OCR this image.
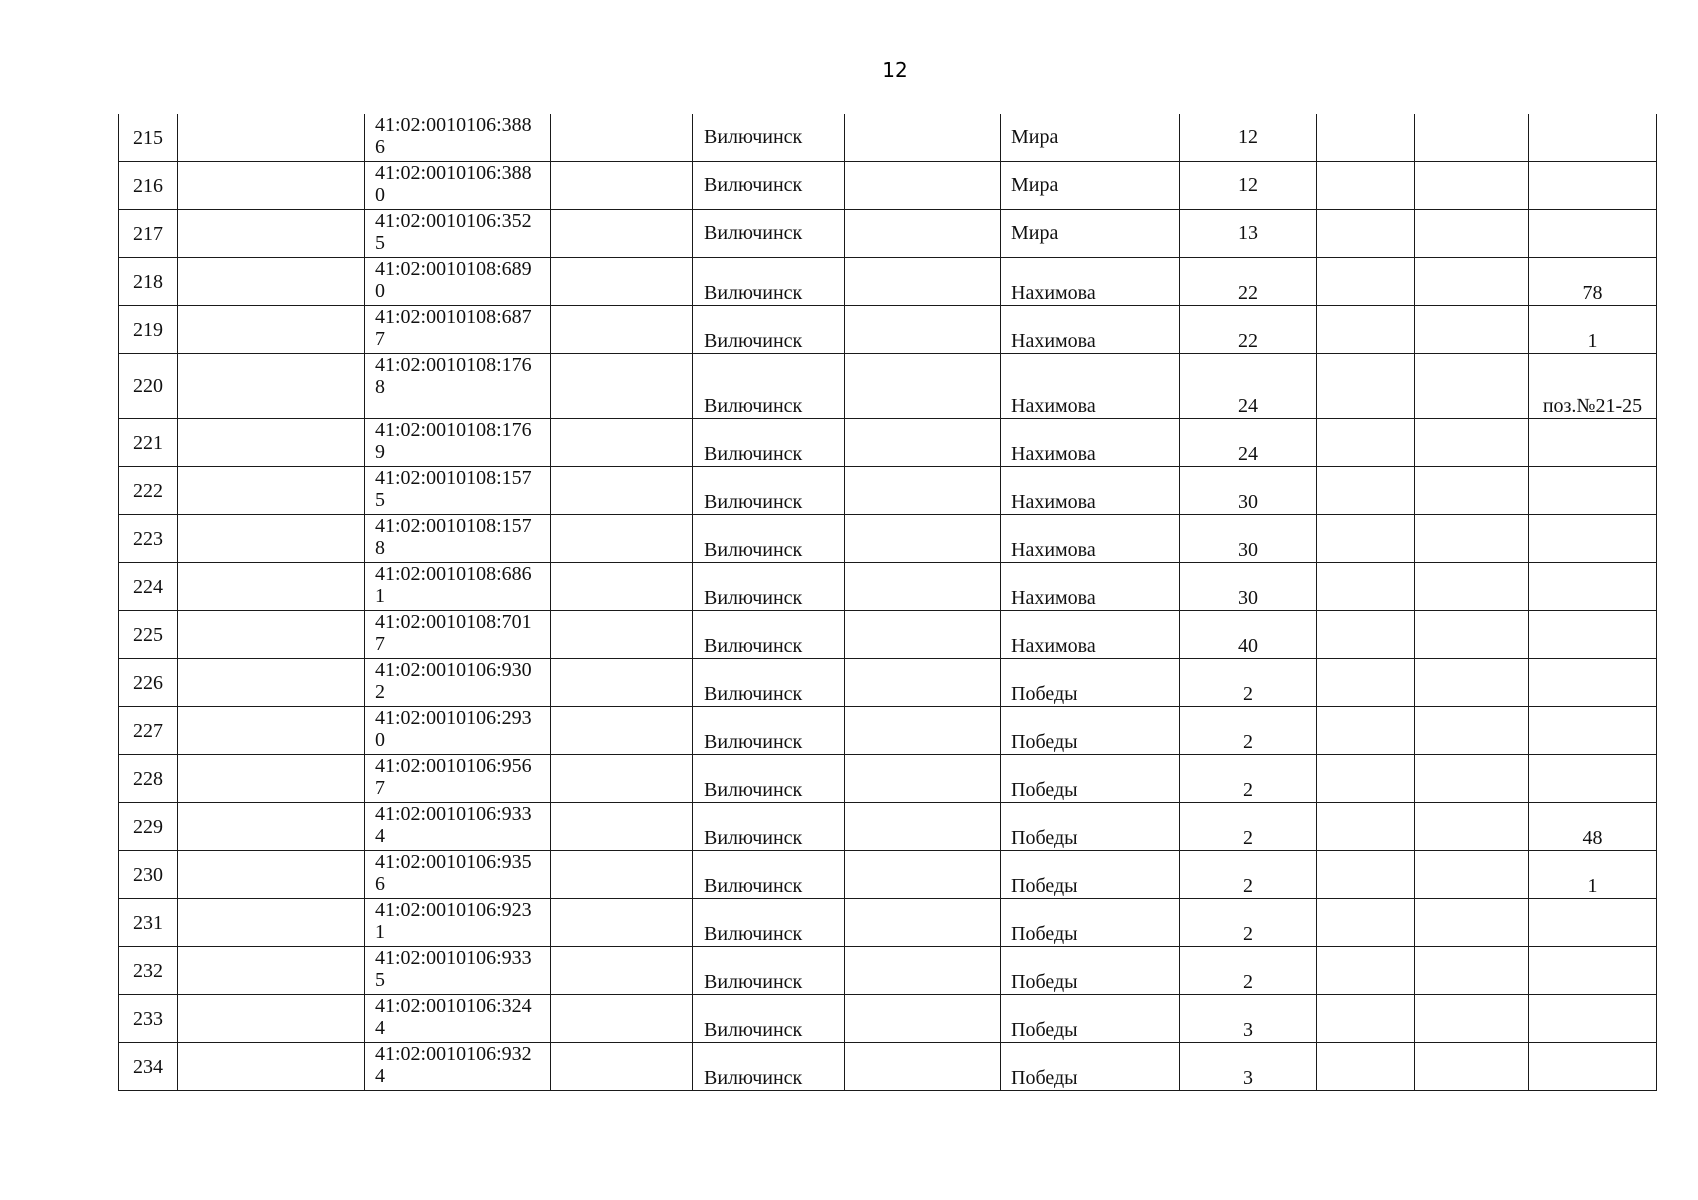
12
215		41:02:0010106:3886		Вилючинск		Мира	12			
216		41:02:0010106:3880		Вилючинск		Мира	12			
217		41:02:0010106:3525		Вилючинск		Мира	13			
218		41:02:0010108:6890		Вилючинск		Нахимова	22			78
219		41:02:0010108:6877		Вилючинск		Нахимова	22			1
220		41:02:0010108:1768		Вилючинск		Нахимова	24			поз.№21-25
221		41:02:0010108:1769		Вилючинск		Нахимова	24			
222		41:02:0010108:1575		Вилючинск		Нахимова	30			
223		41:02:0010108:1578		Вилючинск		Нахимова	30			
224		41:02:0010108:6861		Вилючинск		Нахимова	30			
225		41:02:0010108:7017		Вилючинск		Нахимова	40			
226		41:02:0010106:9302		Вилючинск		Победы	2			
227		41:02:0010106:2930		Вилючинск		Победы	2			
228		41:02:0010106:9567		Вилючинск		Победы	2			
229		41:02:0010106:9334		Вилючинск		Победы	2			48
230		41:02:0010106:9356		Вилючинск		Победы	2			1
231		41:02:0010106:9231		Вилючинск		Победы	2			
232		41:02:0010106:9335		Вилючинск		Победы	2			
233		41:02:0010106:3244		Вилючинск		Победы	3			
234		41:02:0010106:9324		Вилючинск		Победы	3			
